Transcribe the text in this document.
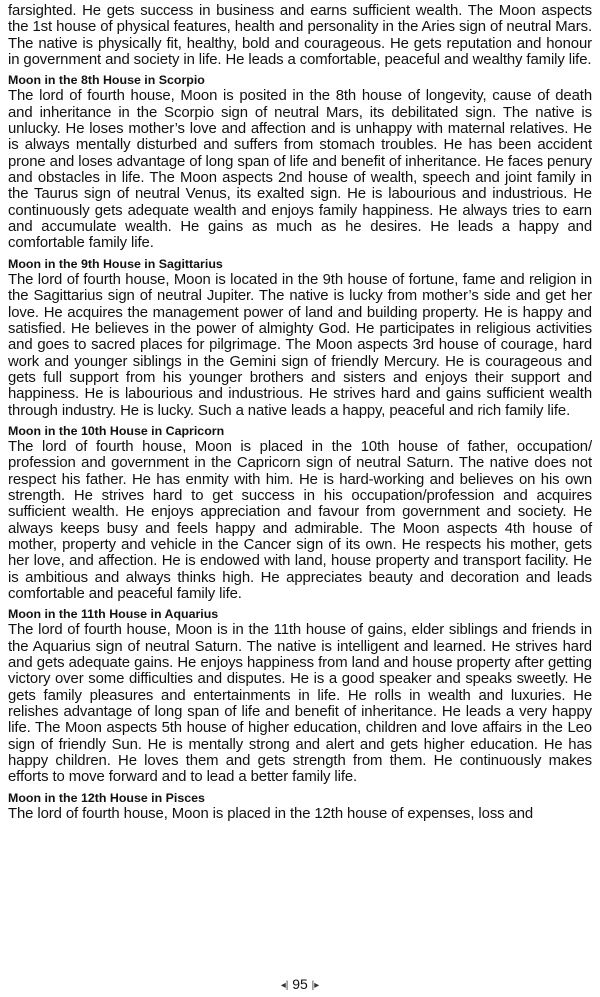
farsighted. He gets success in business and earns sufficient wealth. The Moon aspects the 1st house of physical features, health and personality in the Aries sign of neutral Mars. The native is physically fit, healthy, bold and courageous. He gets reputation and honour in government and society in life. He leads a comfortable, peaceful and wealthy family life.

Moon in the 8th House in Scorpio

The lord of fourth house, Moon is posited in the 8th house of longevity, cause of death and inheritance in the Scorpio sign of neutral Mars, its debilitated sign. The native is unlucky. He loses mother’s love and affection and is unhappy with maternal relatives. He is always mentally disturbed and suffers from stomach troubles. He has been accident prone and loses advantage of long span of life and benefit of inheritance. He faces penury and obstacles in life. The Moon aspects 2nd house of wealth, speech and joint family in the Taurus sign of neutral Venus, its exalted sign. He is labourious and industrious. He continuously gets adequate wealth and enjoys family happiness. He always tries to earn and accumulate wealth. He gains as much as he desires. He leads a happy and comfortable family life.

Moon in the 9th House in Sagittarius

The lord of fourth house, Moon is located in the 9th house of fortune, fame and religion in the Sagittarius sign of neutral Jupiter. The native is lucky from mother’s side and get her love. He acquires the management power of land and building property. He is happy and satisfied. He believes in the power of almighty God. He participates in religious activities and goes to sacred places for pilgrimage. The Moon aspects 3rd house of courage, hard work and younger siblings in the Gemini sign of friendly Mercury. He is courageous and gets full support from his younger brothers and sisters and enjoys their support and happiness. He is labourious and industrious. He strives hard and gains sufficient wealth through industry. He is lucky. Such a native leads a happy, peaceful and rich family life.

Moon in the 10th House in Capricorn

The lord of fourth house, Moon is placed in the 10th house of father, occupation/ profession and government in the Capricorn sign of neutral Saturn. The native does not respect his father. He has enmity with him. He is hard-working and believes on his own strength. He strives hard to get success in his occupation/profession and acquires sufficient wealth. He enjoys appreciation and favour from government and society. He always keeps busy and feels happy and admirable. The Moon aspects 4th house of mother, property and vehicle in the Cancer sign of its own. He respects his mother, gets her love, and affection. He is endowed with land, house property and transport facility. He is ambitious and always thinks high. He appreciates beauty and decoration and leads comfortable and peaceful family life.

Moon in the 11th House in Aquarius

The lord of fourth house, Moon is in the 11th house of gains, elder siblings and friends in the Aquarius sign of neutral Saturn. The native is intelligent and learned. He strives hard and gets adequate gains. He enjoys happiness from land and house property after getting victory over some difficulties and disputes. He is a good speaker and speaks sweetly. He gets family pleasures and entertainments in life. He rolls in wealth and luxuries. He relishes advantage of long span of life and benefit of inheritance. He leads a very happy life. The Moon aspects 5th house of higher education, children and love affairs in the Leo sign of friendly Sun. He is mentally strong and alert and gets higher education. He has happy children. He loves them and gets strength from them. He continuously makes efforts to move forward and to lead a better family life.

Moon in the 12th House in Pisces

The lord of fourth house, Moon is placed in the 12th house of expenses, loss and

◂| 95 |▸
